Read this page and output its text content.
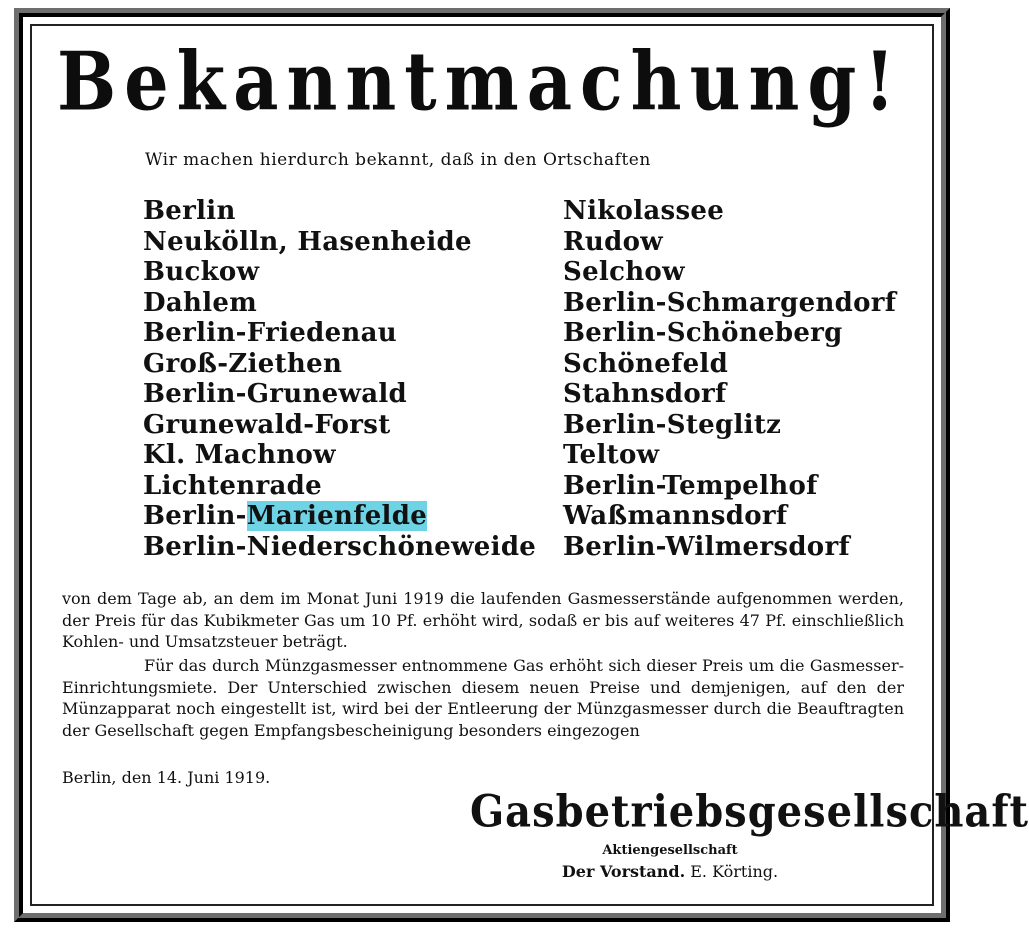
Bekanntmachung!
Wir machen hierdurch bekannt, daß in den Ortschaften
Berlin
Neukölln, Hasenheide
Buckow
Dahlem
Berlin-Friedenau
Groß-Ziethen
Berlin-Grunewald
Grunewald-Forst
Kl. Machnow
Lichtenrade
Berlin-Marienfelde
Berlin-Niederschöneweide
Nikolassee
Rudow
Selchow
Berlin-Schmargendorf
Berlin-Schöneberg
Schönefeld
Stahnsdorf
Berlin-Steglitz
Teltow
Berlin-Tempelhof
Waßmannsdorf
Berlin-Wilmersdorf
von dem Tage ab, an dem im Monat Juni 1919 die laufenden Gasmesserstände aufgenommen werden, der Preis für das Kubikmeter Gas um 10 Pf. erhöht wird, sodaß er bis auf weiteres 47 Pf. einschließlich Kohlen- und Umsatzsteuer beträgt.
Für das durch Münzgasmesser entnommene Gas erhöht sich dieser Preis um die Gasmesser-Einrichtungsmiete. Der Unterschied zwischen diesem neuen Preise und demjenigen, auf den der Münzapparat noch eingestellt ist, wird bei der Entleerung der Münzgasmesser durch die Beauftragten der Gesellschaft gegen Empfangsbescheinigung besonders eingezogen
Berlin, den 14. Juni 1919.
Gasbetriebsgesellschaft
Aktiengesellschaft
Der Vorstand. E. Körting.
